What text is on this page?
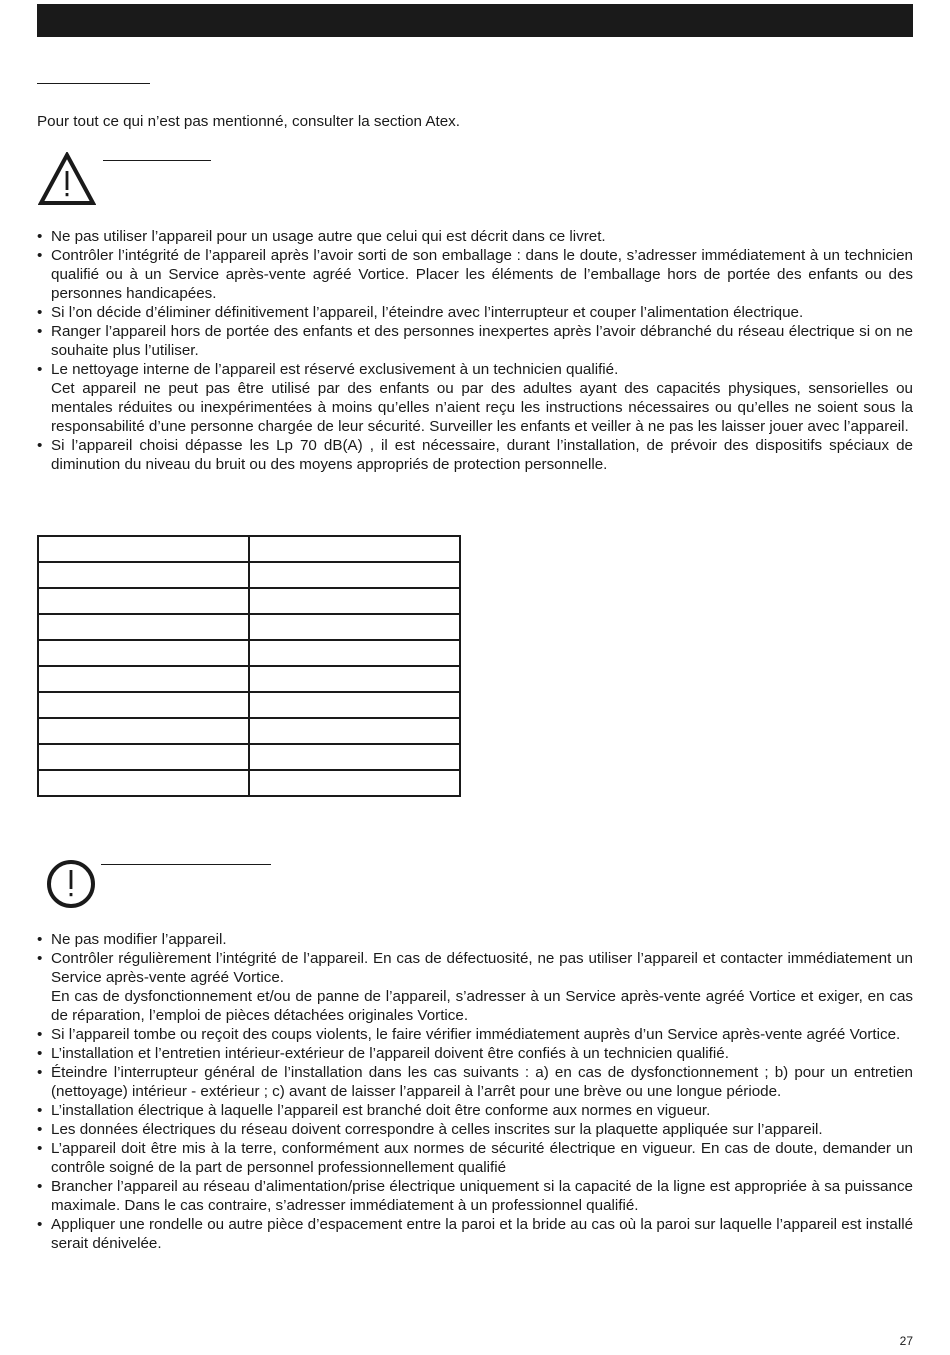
Pour tout ce qui n’est pas mentionné, consulter la section Atex.
• Ne pas utiliser l’appareil pour un usage autre que celui qui est décrit dans ce livret.
• Contrôler l’intégrité de l’appareil après l’avoir sorti de son emballage : dans le doute, s’adresser immédiatement à un technicien qualifié ou à un Service après-vente agréé Vortice. Placer les éléments de l’emballage hors de portée des enfants ou des personnes handicapées.
• Si l’on décide d’éliminer définitivement l’appareil, l’éteindre avec l’interrupteur et couper l’alimentation électrique.
• Ranger l’appareil hors de portée des enfants et des personnes inexpertes après l’avoir débranché du réseau électrique si on ne souhaite plus l’utiliser.
• Le nettoyage interne de l’appareil est réservé exclusivement à un technicien qualifié.
Cet appareil ne peut pas être utilisé par des enfants ou par des adultes ayant des capacités physiques, sensorielles ou mentales réduites ou inexpérimentées à moins qu’elles n’aient reçu les instructions nécessaires ou qu’elles ne soient sous la responsabilité d’une personne chargée de leur sécurité. Surveiller les enfants et veiller à ne pas les laisser jouer avec l’appareil.
• Si l’appareil choisi dépasse les Lp 70 dB(A) , il est nécessaire, durant l’installation, de prévoir des dispositifs spéciaux de diminution du niveau du bruit ou des moyens appropriés de protection personnelle.

• Ne pas modifier l’appareil.
• Contrôler régulièrement l’intégrité de l’appareil. En cas de défectuosité, ne pas utiliser l’appareil et contacter immédiatement un Service après-vente agréé Vortice.
En cas de dysfonctionnement et/ou de panne de l’appareil, s’adresser à un Service après-vente agréé Vortice et exiger, en cas de réparation, l’emploi de pièces détachées originales Vortice.
• Si l’appareil tombe ou reçoit des coups violents, le faire vérifier immédiatement auprès d’un Service après-vente agréé Vortice.
• L’installation et l’entretien intérieur-extérieur de l’appareil doivent être confiés à un technicien qualifié.
• Éteindre l’interrupteur général de l’installation dans les cas suivants : a) en cas de dysfonctionnement ; b) pour un entretien (nettoyage) intérieur - extérieur ; c) avant de laisser l’appareil à l’arrêt pour une brève ou une longue période.
• L’installation électrique à laquelle l’appareil est branché doit être conforme aux normes en vigueur.
• Les données électriques du réseau doivent correspondre à celles inscrites sur la plaquette appliquée sur l’appareil.
• L’appareil doit être mis à la terre, conformément aux normes de sécurité électrique en vigueur. En cas de doute, demander un contrôle soigné de la part de personnel professionnellement qualifié
• Brancher l’appareil au réseau d’alimentation/prise électrique uniquement si la capacité de la ligne est appropriée à sa puissance maximale. Dans le cas contraire, s’adresser immédiatement à un professionnel qualifié.
• Appliquer une rondelle ou autre pièce d’espacement entre la paroi et la bride au cas où la paroi sur laquelle l’appareil est installé serait dénivelée.
27
